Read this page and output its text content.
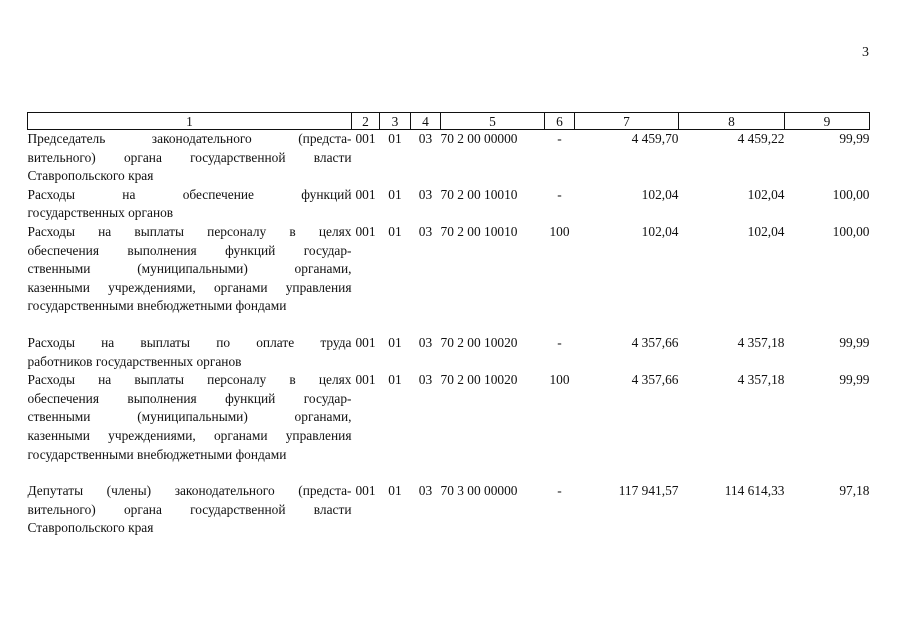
3
1	2	3	4	5	6	7	8	9

Председатель законодательного (предста-
вительного) органа государственной власти
Ставропольского края	001	01	03	70 2 00 00000	-	4 459,70	4 459,22	99,99

Расходы на обеспечение функций
государственных органов	001	01	03	70 2 00 10010	-	102,04	102,04	100,00

Расходы на выплаты персоналу в целях
обеспечения выполнения функций государ-
ственными (муниципальными) органами,
казенными учреждениями, органами управления
государственными внебюджетными фондами	001	01	03	70 2 00 10010	100	102,04	102,04	100,00

Расходы на выплаты по оплате труда
работников государственных органов	001	01	03	70 2 00 10020	-	4 357,66	4 357,18	99,99

Расходы на выплаты персоналу в целях
обеспечения выполнения функций государ-
ственными (муниципальными) органами,
казенными учреждениями, органами управления
государственными внебюджетными фондами	001	01	03	70 2 00 10020	100	4 357,66	4 357,18	99,99

Депутаты (члены) законодательного (предста-
вительного) органа государственной власти
Ставропольского края	001	01	03	70 3 00 00000	-	117 941,57	114 614,33	97,18
